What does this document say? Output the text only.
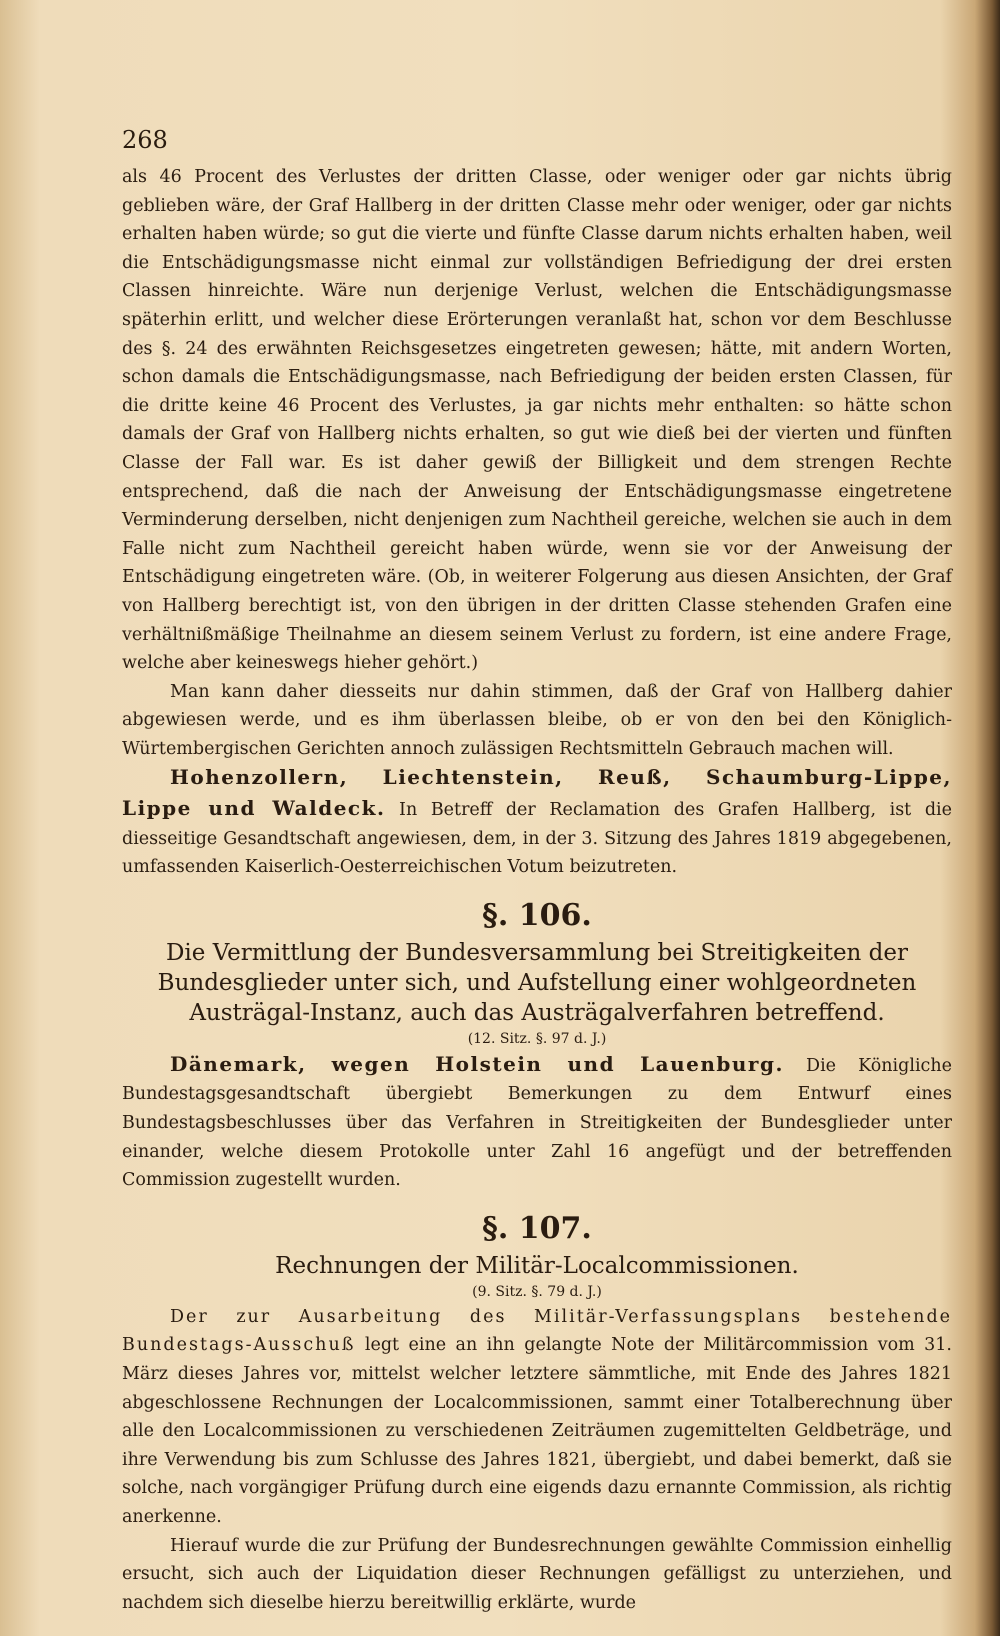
268

als 46 Procent des Verlustes der dritten Classe, oder weniger oder gar nichts übrig geblieben wäre, der Graf Hallberg in der dritten Classe mehr oder weniger, oder gar nichts erhalten haben würde; so gut die vierte und fünfte Classe darum nichts erhalten haben, weil die Entschädigungsmasse nicht einmal zur vollständigen Befriedigung der drei ersten Classen hinreichte. Wäre nun derjenige Verlust, welchen die Entschädigungsmasse späterhin erlitt, und welcher diese Erörterungen veranlaßt hat, schon vor dem Beschlusse des §. 24 des erwähnten Reichsgesetzes eingetreten gewesen; hätte, mit andern Worten, schon damals die Entschädigungsmasse, nach Befriedigung der beiden ersten Classen, für die dritte keine 46 Procent des Verlustes, ja gar nichts mehr enthalten: so hätte schon damals der Graf von Hallberg nichts erhalten, so gut wie dieß bei der vierten und fünften Classe der Fall war. Es ist daher gewiß der Billigkeit und dem strengen Rechte entsprechend, daß die nach der Anweisung der Entschädigungsmasse eingetretene Verminderung derselben, nicht denjenigen zum Nachtheil gereiche, welchen sie auch in dem Falle nicht zum Nachtheil gereicht haben würde, wenn sie vor der Anweisung der Entschädigung eingetreten wäre. (Ob, in weiterer Folgerung aus diesen Ansichten, der Graf von Hallberg berechtigt ist, von den übrigen in der dritten Classe stehenden Grafen eine verhältnißmäßige Theilnahme an diesem seinem Verlust zu fordern, ist eine andere Frage, welche aber keineswegs hieher gehört.)

Man kann daher diesseits nur dahin stimmen, daß der Graf von Hallberg dahier abgewiesen werde, und es ihm überlassen bleibe, ob er von den bei den Königlich-Würtembergischen Gerichten annoch zulässigen Rechtsmitteln Gebrauch machen will.

Hohenzollern, Liechtenstein, Reuß, Schaumburg-Lippe, Lippe und Waldeck. In Betreff der Reclamation des Grafen Hallberg, ist die diesseitige Gesandtschaft angewiesen, dem, in der 3. Sitzung des Jahres 1819 abgegebenen, umfassenden Kaiserlich-Oesterreichischen Votum beizutreten.

§. 106.
Die Vermittlung der Bundesversammlung bei Streitigkeiten der Bundesglieder unter sich, und Aufstellung einer wohlgeordneten Austrägal-Instanz, auch das Austrägalverfahren betreffend.
(12. Sitz. §. 97 d. J.)

Dänemark, wegen Holstein und Lauenburg. Die Königliche Bundestagsgesandtschaft übergiebt Bemerkungen zu dem Entwurf eines Bundestagsbeschlusses über das Verfahren in Streitigkeiten der Bundesglieder unter einander, welche diesem Protokolle unter Zahl 16 angefügt und der betreffenden Commission zugestellt wurden.

§. 107.
Rechnungen der Militär-Localcommissionen.
(9. Sitz. §. 79 d. J.)

Der zur Ausarbeitung des Militär-Verfassungsplans bestehende Bundestags-Ausschuß legt eine an ihn gelangte Note der Militärcommission vom 31. März dieses Jahres vor, mittelst welcher letztere sämmtliche, mit Ende des Jahres 1821 abgeschlossene Rechnungen der Localcommissionen, sammt einer Totalberechnung über alle den Localcommissionen zu verschiedenen Zeiträumen zugemittelten Geldbeträge, und ihre Verwendung bis zum Schlusse des Jahres 1821, übergiebt, und dabei bemerkt, daß sie solche, nach vorgängiger Prüfung durch eine eigends dazu ernannte Commission, als richtig anerkenne.

Hierauf wurde die zur Prüfung der Bundesrechnungen gewählte Commission einhellig ersucht, sich auch der Liquidation dieser Rechnungen gefälligst zu unterziehen, und nachdem sich dieselbe hierzu bereitwillig erklärte, wurde
